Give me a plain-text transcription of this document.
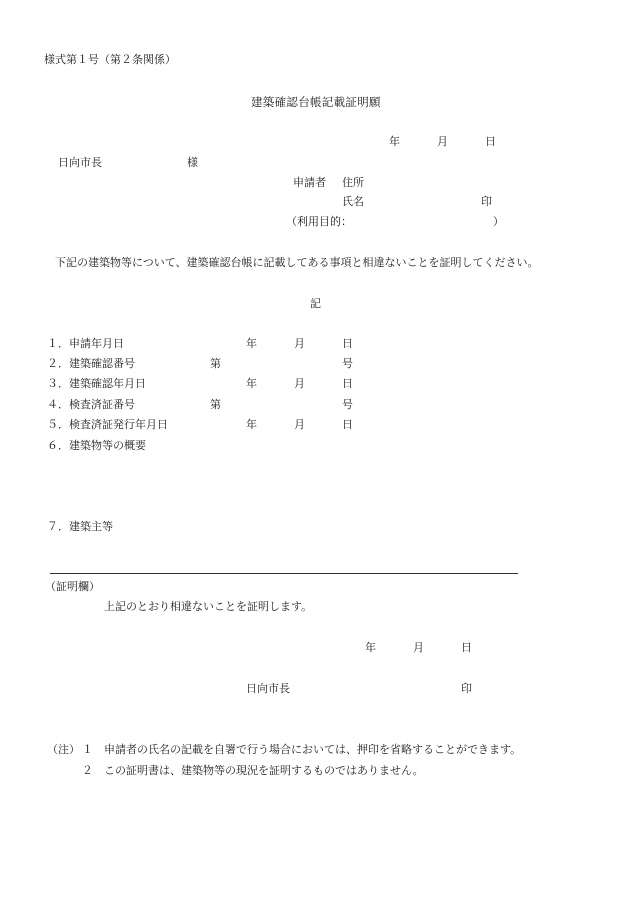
様式第１号（第２条関係）
建築確認台帳記載証明願
年	月	日
日向市長	様
申請者 住所
氏名	印
（利用目的：	）
下記の建築物等について、建築確認台帳に記載してある事項と相違ないことを証明してください。
記
１．申請年月日	年	月	日
２．建築確認番号	第	号
３．建築確認年月日	年	月	日
４．検査済証番号	第	号
５．検査済証発行年月日	年	月	日
６．建築物等の概要
７．建築主等
（証明欄）
上記のとおり相違ないことを証明します。
年	月	日
日向市長	印
（注） １ 申請者の氏名の記載を自署で行う場合においては、押印を省略することができます。
２ この証明書は、建築物等の現況を証明するものではありません。
